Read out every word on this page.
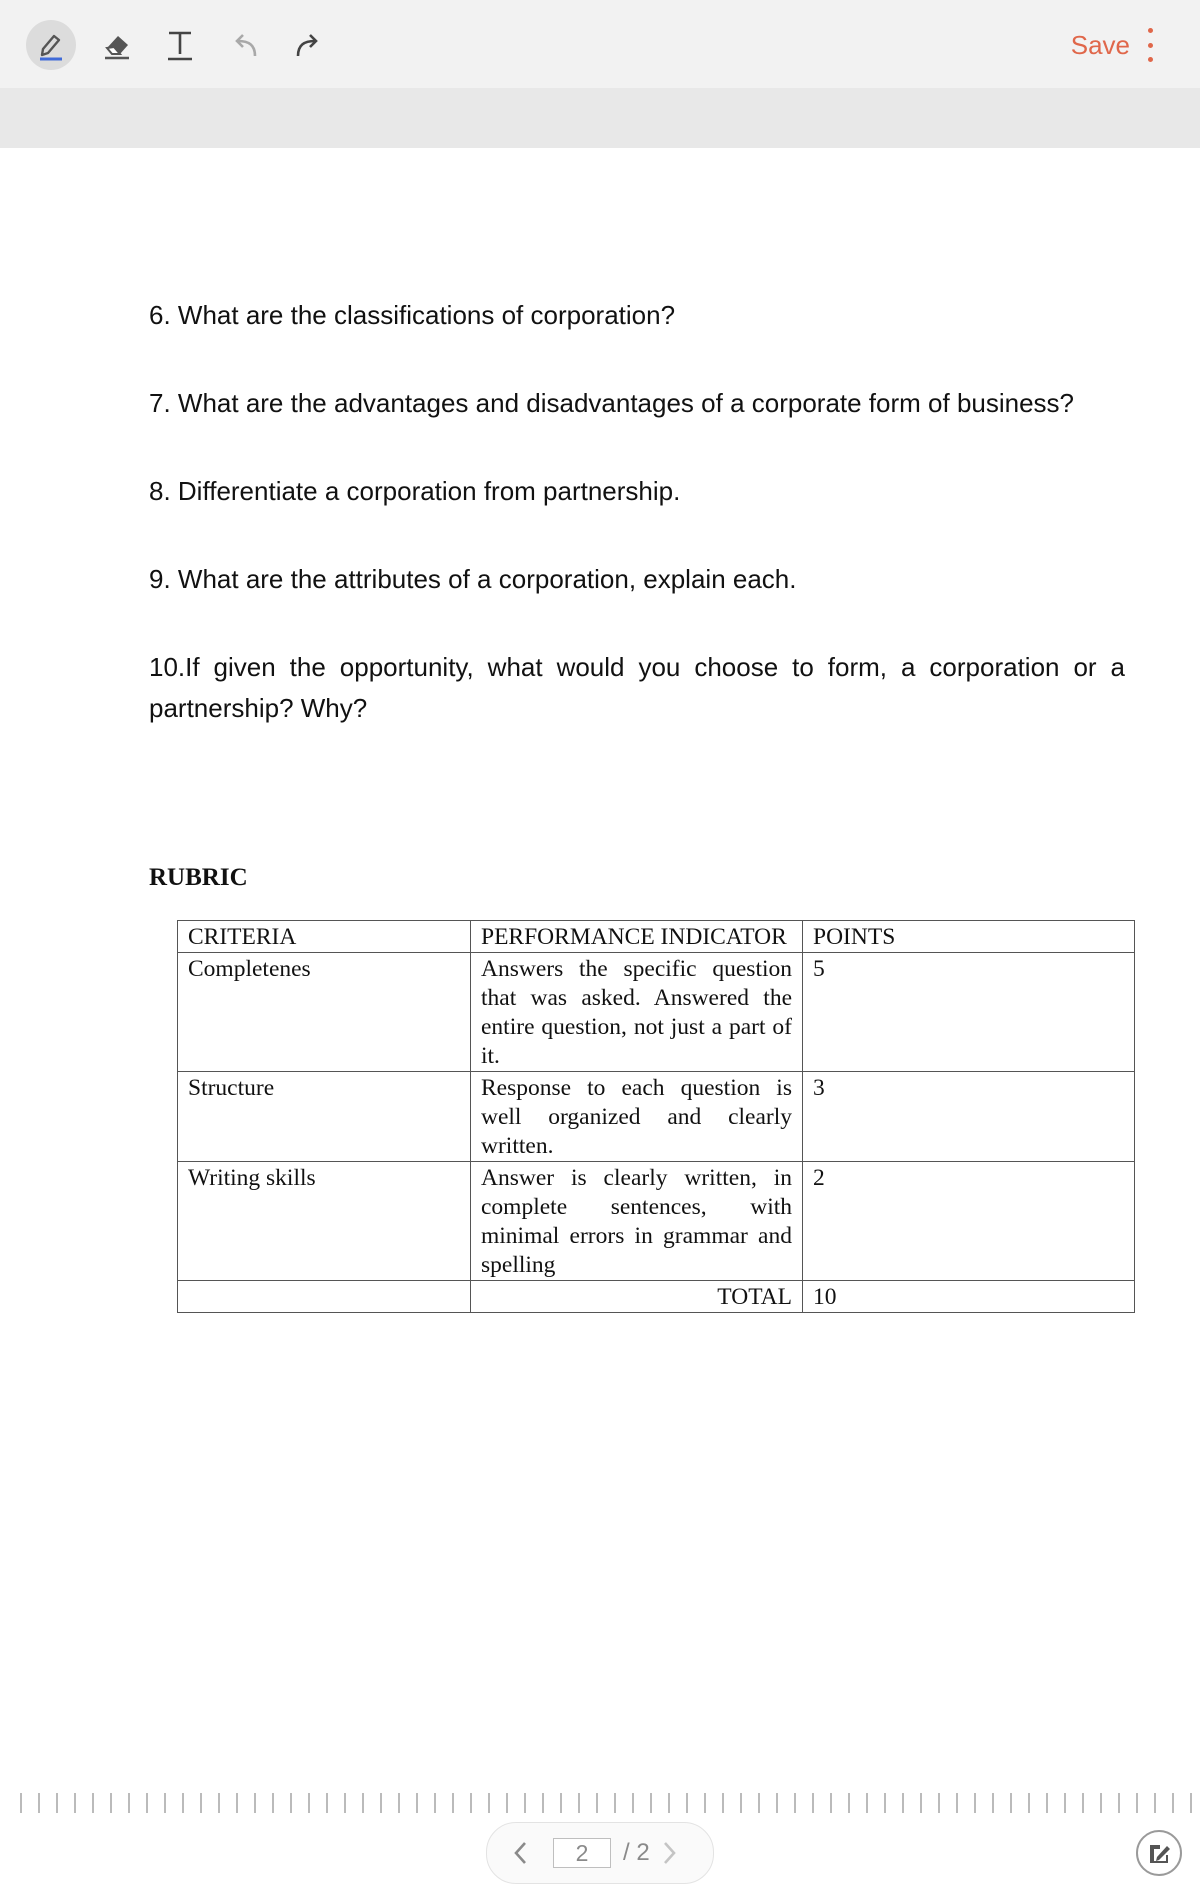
Save

6. What are the classifications of corporation?

7. What are the advantages and disadvantages of a corporate form of business?

8. Differentiate a corporation from partnership.

9. What are the attributes of a corporation, explain each.

10.If given the opportunity, what would you choose to form, a corporation or a partnership? Why?

RUBRIC

CRITERIA	PERFORMANCE INDICATOR	POINTS
Completenes	Answers the specific question that was asked. Answered the entire question, not just a part of it.	5
Structure	Response to each question is well organized and clearly written.	3
Writing skills	Answer is clearly written, in complete sentences, with minimal errors in grammar and spelling	2
	TOTAL	10
2
/ 2
